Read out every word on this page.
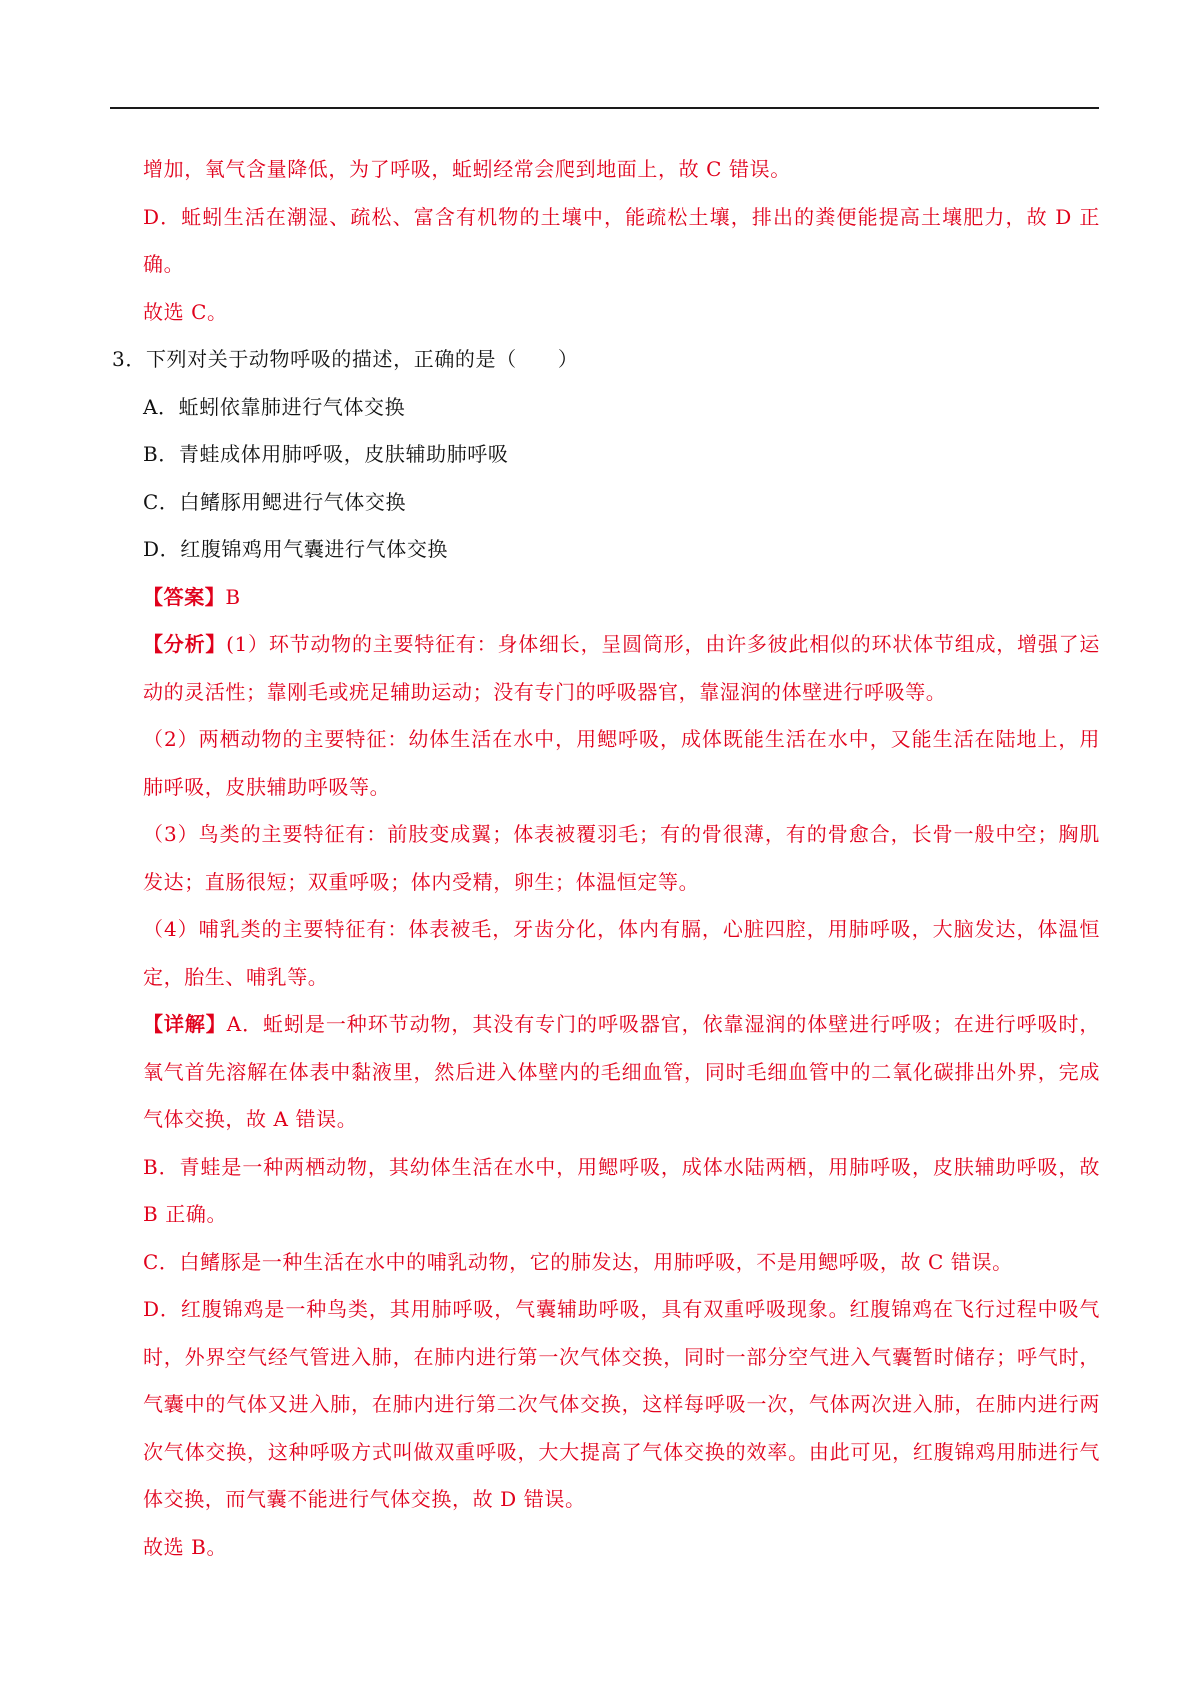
增加，氧气含量降低，为了呼吸，蚯蚓经常会爬到地面上，故 C 错误。

D．蚯蚓生活在潮湿、疏松、富含有机物的土壤中，能疏松土壤，排出的粪便能提高土壤肥力，故 D 正确。

故选 C。

3．下列对关于动物呼吸的描述，正确的是（　　）

A．蚯蚓依靠肺进行气体交换

B．青蛙成体用肺呼吸，皮肤辅助肺呼吸

C．白鳍豚用鳃进行气体交换

D．红腹锦鸡用气囊进行气体交换

【答案】B

【分析】(1）环节动物的主要特征有：身体细长，呈圆筒形，由许多彼此相似的环状体节组成，增强了运动的灵活性；靠刚毛或疣足辅助运动；没有专门的呼吸器官，靠湿润的体壁进行呼吸等。

（2）两栖动物的主要特征：幼体生活在水中，用鳃呼吸，成体既能生活在水中，又能生活在陆地上，用肺呼吸，皮肤辅助呼吸等。

（3）鸟类的主要特征有：前肢变成翼；体表被覆羽毛；有的骨很薄，有的骨愈合，长骨一般中空；胸肌发达；直肠很短；双重呼吸；体内受精，卵生；体温恒定等。

（4）哺乳类的主要特征有：体表被毛，牙齿分化，体内有膈，心脏四腔，用肺呼吸，大脑发达，体温恒定，胎生、哺乳等。

【详解】A．蚯蚓是一种环节动物，其没有专门的呼吸器官，依靠湿润的体壁进行呼吸；在进行呼吸时，氧气首先溶解在体表中黏液里，然后进入体壁内的毛细血管，同时毛细血管中的二氧化碳排出外界，完成气体交换，故 A 错误。

B．青蛙是一种两栖动物，其幼体生活在水中，用鳃呼吸，成体水陆两栖，用肺呼吸，皮肤辅助呼吸，故 B 正确。

C．白鳍豚是一种生活在水中的哺乳动物，它的肺发达，用肺呼吸，不是用鳃呼吸，故 C 错误。

D．红腹锦鸡是一种鸟类，其用肺呼吸，气囊辅助呼吸，具有双重呼吸现象。红腹锦鸡在飞行过程中吸气时，外界空气经气管进入肺，在肺内进行第一次气体交换，同时一部分空气进入气囊暂时储存；呼气时，气囊中的气体又进入肺，在肺内进行第二次气体交换，这样每呼吸一次，气体两次进入肺，在肺内进行两次气体交换，这种呼吸方式叫做双重呼吸，大大提高了气体交换的效率。由此可见，红腹锦鸡用肺进行气体交换，而气囊不能进行气体交换，故 D 错误。

故选 B。
